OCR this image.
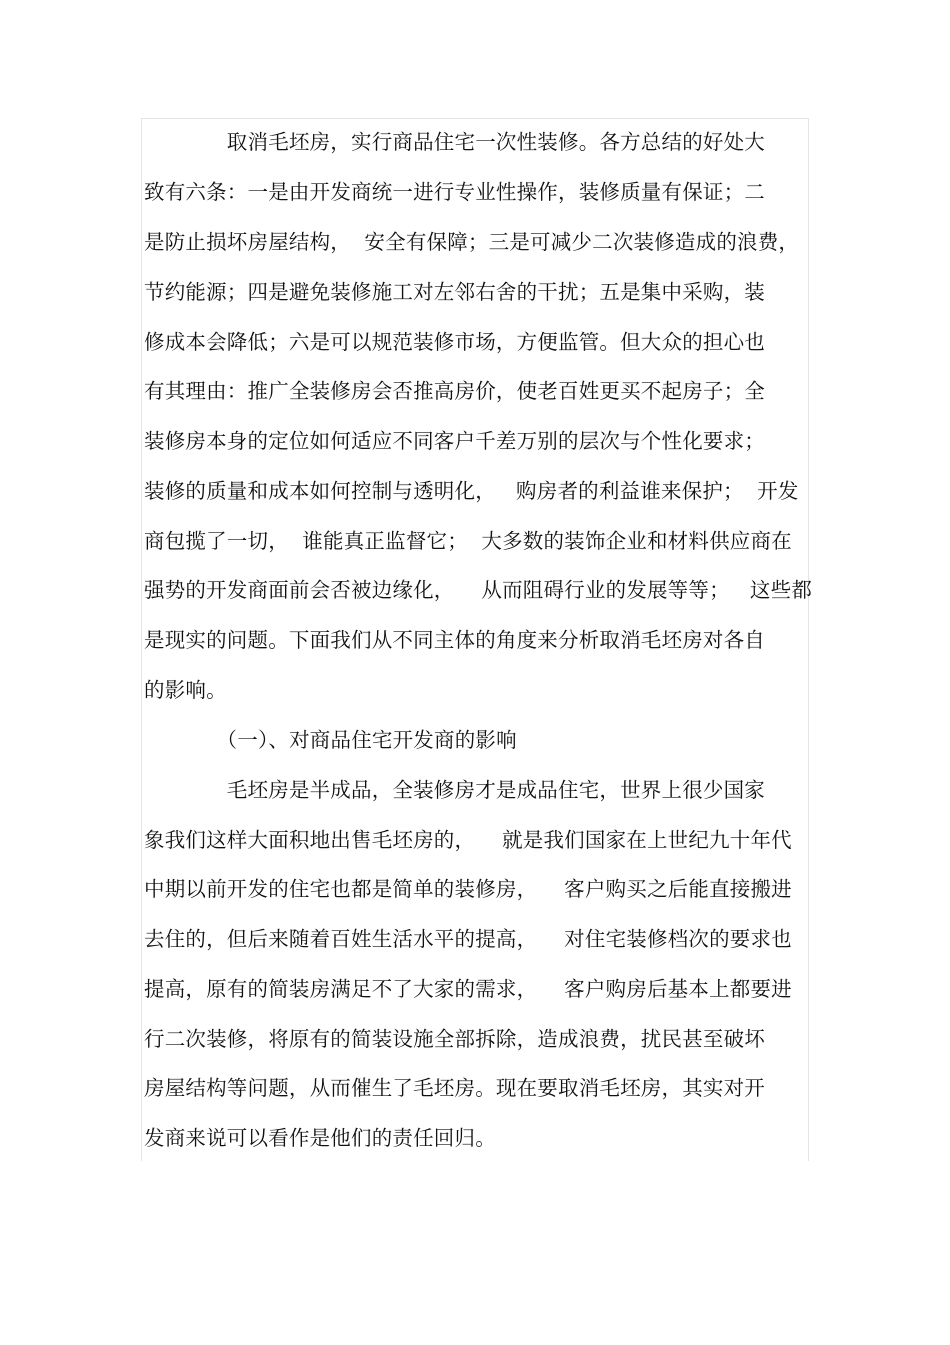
　　　　取消毛坯房，实行商品住宅一次性装修。各方总结的好处大
致有六条：一是由开发商统一进行专业性操作，装修质量有保证；二
是防止损坏房屋结构，  安全有保障；三是可减少二次装修造成的浪费，
节约能源；四是避免装修施工对左邻右舍的干扰；五是集中采购，装
修成本会降低；六是可以规范装修市场，方便监管。但大众的担心也
有其理由：推广全装修房会否推高房价，使老百姓更买不起房子；全
装修房本身的定位如何适应不同客户千差万别的层次与个性化要求；
装修的质量和成本如何控制与透明化，   购房者的利益谁来保护；  开发
商包揽了一切，  谁能真正监督它；  大多数的装饰企业和材料供应商在
强势的开发商面前会否被边缘化，    从而阻碍行业的发展等等；   这些都
是现实的问题。下面我们从不同主体的角度来分析取消毛坯房对各自
的影响。
　　　　（一）、对商品住宅开发商的影响
　　　　毛坯房是半成品，全装修房才是成品住宅，世界上很少国家
象我们这样大面积地出售毛坯房的，    就是我们国家在上世纪九十年代
中期以前开发的住宅也都是简单的装修房，    客户购买之后能直接搬进
去住的，但后来随着百姓生活水平的提高，    对住宅装修档次的要求也
提高，原有的简装房满足不了大家的需求，    客户购房后基本上都要进
行二次装修，将原有的简装设施全部拆除，造成浪费，扰民甚至破坏
房屋结构等问题，从而催生了毛坯房。现在要取消毛坯房，其实对开
发商来说可以看作是他们的责任回归。
